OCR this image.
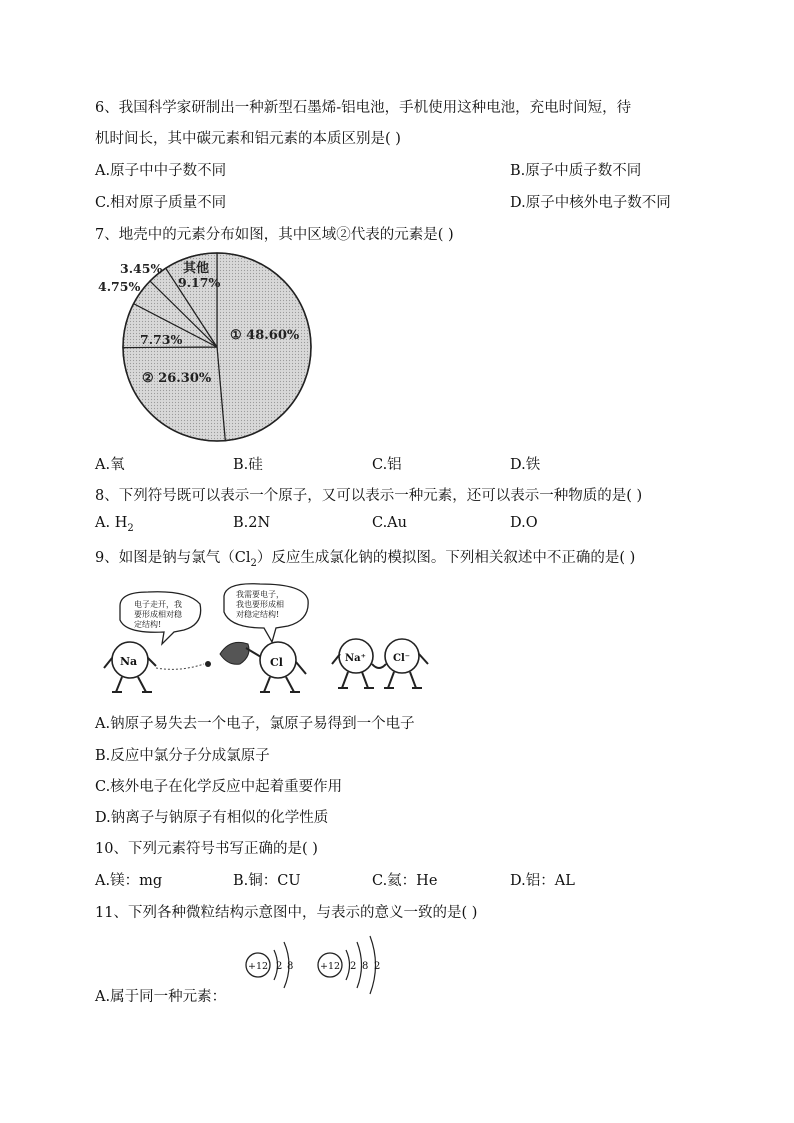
6、我国科学家研制出一种新型石墨烯-铝电池，手机使用这种电池，充电时间短，待
机时间长，其中碳元素和铝元素的本质区别是( )
A.原子中中子数不同	B.原子中质子数不同
C.相对原子质量不同	D.原子中核外电子数不同
7、地壳中的元素分布如图，其中区域②代表的元素是( )
① 48.60%
② 26.30%
7.73%
4.75%
3.45% 其他
9.17%
A.氧	B.硅	C.铝	D.铁
8、下列符号既可以表示一个原子，又可以表示一种元素，还可以表示一种物质的是( )
A. $H_2$	B.2N	C.Au	D.O
9、如图是钠与氯气$(Cl_2)$反应生成氯化钠的模拟图。下列相关叙述中不正确的是( )
电子走开，我
要形成相对稳
定结构!
我需要电子，
我也要形成相
对稳定结构!
Na	Cl	Na⁺	Cl⁻
A.钠原子易失去一个电子，氯原子易得到一个电子
B.反应中氯分子分成氯原子
C.核外电子在化学反应中起着重要作用
D.钠离子与钠原子有相似的化学性质
10、下列元素符号书写正确的是( )
A.镁：mg	B.铜：CU	C.氦：He	D.铝：AL
11、下列各种微粒结构示意图中，与表示的意义一致的是( )
+12 2 8	+12 2 8 2
A.属于同一种元素：
